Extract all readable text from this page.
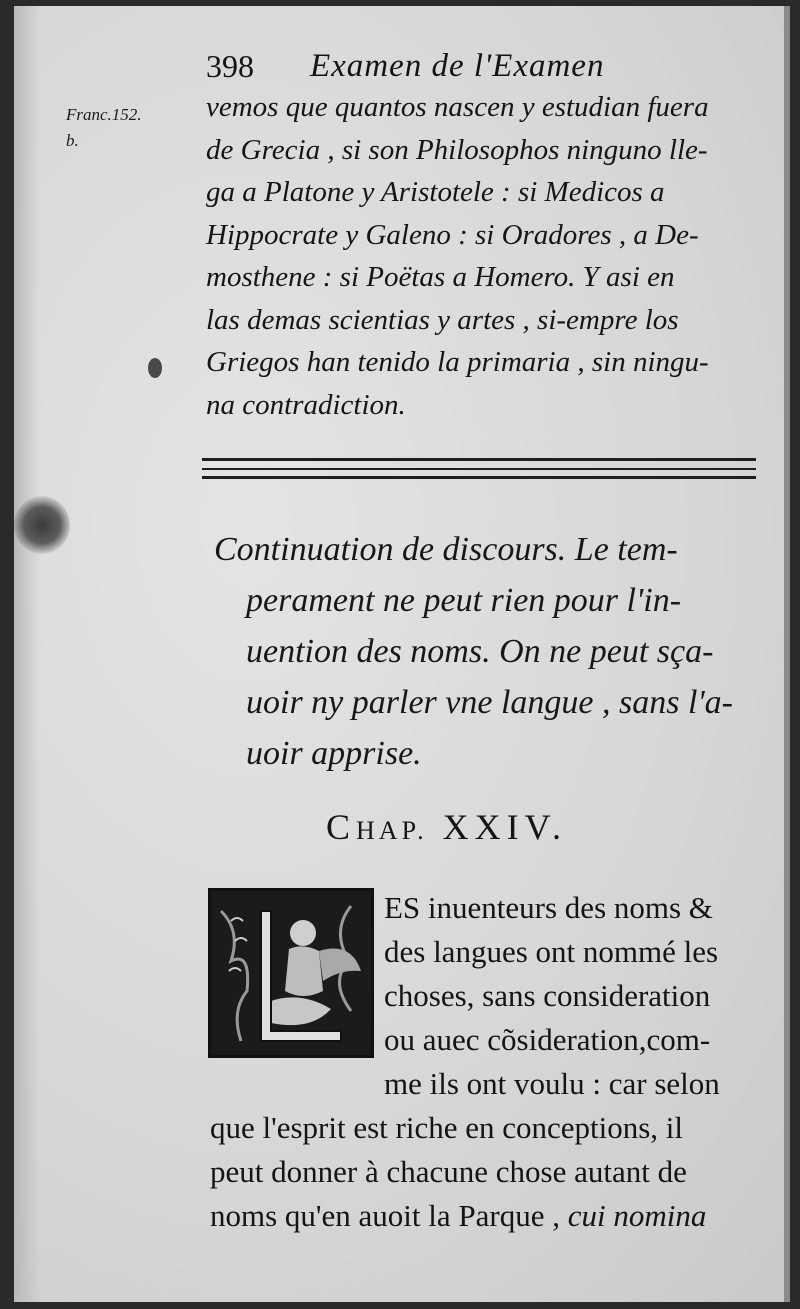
398 Examen de l'Examen
Franc.152.
b.
vemos que quantos nascen y estudian fuera
de Grecia , si son Philosophos ninguno lle-
ga a Platone y Aristotele : si Medicos a
Hippocrate y Galeno : si Oradores , a De-
mosthene : si Poëtas a Homero. Y asi en
las demas scientias y artes , si-empre los
Griegos han tenido la primaria , sin ningu-
na contradiction.
Continuation de discours. Le tem-
perament ne peut rien pour l'in-
uention des noms. On ne peut sça-
uoir ny parler vne langue , sans l'a-
uoir apprise.
CHAP. XXIV.
ES inuenteurs des noms &
des langues ont nommé les
choses, sans consideration
ou auec cõsideration,com-
me ils ont voulu : car selon
que l'esprit est riche en conceptions, il
peut donner à chacune chose autant de
noms qu'en auoit la Parque , cui nomina
